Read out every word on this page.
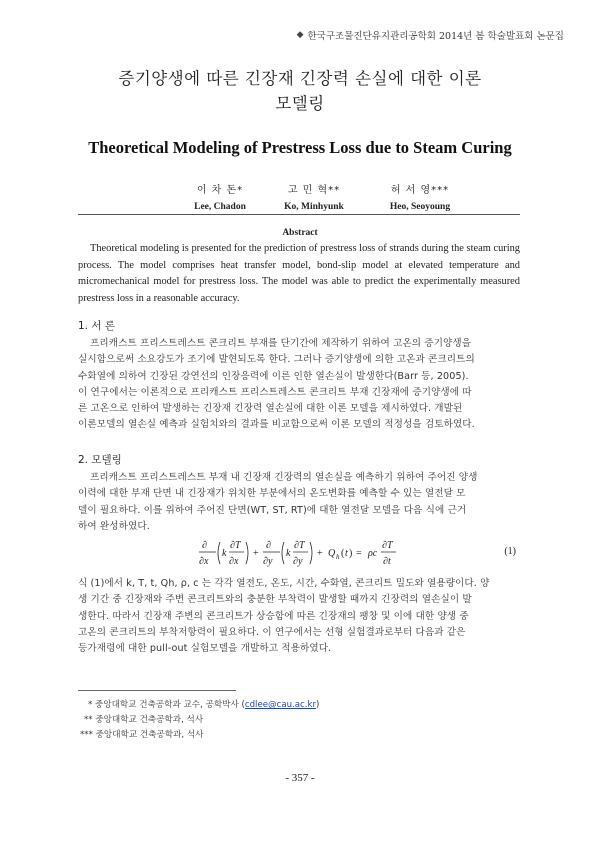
◆ 한국구조물진단유지관리공학회 2014년 봄 학술발표회 논문집
증기양생에 따른 긴장재 긴장력 손실에 대한 이론
모델링
Theoretical Modeling of Prestress Loss due to Steam Curing
이 차 돈*
Lee, Chadon
고 민 혁**
Ko, Minhyunk
허 서 영***
Heo, Seoyoung
Abstract
Theoretical modeling is presented for the prediction of prestress loss of strands during the steam curing process. The model comprises heat transfer model, bond-slip model at elevated temperature and micromechanical model for prestress loss. The model was able to predict the experimentally measured prestress loss in a reasonable accuracy.
1. 서 론
프리캐스트 프리스트레스트 콘크리트 부재를 단기간에 제작하기 위하여 고온의 증기양생을
실시함으로써 소요강도가 조기에 발현되도록 한다. 그러나 증기양생에 의한 고온과 콘크리트의
수화열에 의하여 긴장된 강연선의 인장응력에 이른 인한 열손실이 발생한다(Barr 등, 2005).
이 연구에서는 이론적으로 프리캐스트 프리스트레스트 콘크리트 부재 긴장재에 증기양생에 따
른 고온으로 인하여 발생하는 긴장재 긴장력 열손실에 대한 이론 모델을 제시하였다. 개발된
이론모델의 열손실 예측과 실험치와의 결과를 비교함으로써 이론 모델의 적정성을 검토하였다.
2. 모델링
프리캐스트 프리스트레스트 부재 내 긴장재 긴장력의 열손실을 예측하기 위하여 주어진 양생
이력에 대한 부재 단면 내 긴장재가 위치한 부분에서의 온도변화를 예측할 수 있는 열전달 모
델이 필요하다. 이를 위하여 주어진 단면(WT, ST, RT)에 대한 열전달 모델을 다음 식에 근거
하여 완성하였다.
∂
∂x
k
∂T
∂x
+
∂
∂y
k
∂T
∂y
+ Q h ( t ) = ρc
∂T
∂t
(1)
식 (1)에서 k, T, t, Qh, ρ, c 는 각각 열전도, 온도, 시간, 수화열, 콘크리트 밀도와 열용량이다. 양
생 기간 중 긴장재와 주변 콘크리트와의 충분한 부착력이 발생할 때까지 긴장력의 열손실이 발
생한다. 따라서 긴장재 주변의 콘크리트가 상승함에 따른 긴장재의 팽창 및 이에 대한 양생 중
고온의 콘크리트의 부착저항력이 필요하다. 이 연구에서는 선형 실험결과로부터 다음과 같은
등가재령에 대한 pull-out 실험모델을 개발하고 적용하였다.
* 중앙대학교 건축공학과 교수, 공학박사 (cdlee@cau.ac.kr)
** 중앙대학교 건축공학과, 석사
*** 중앙대학교 건축공학과, 석사
- 357 -
